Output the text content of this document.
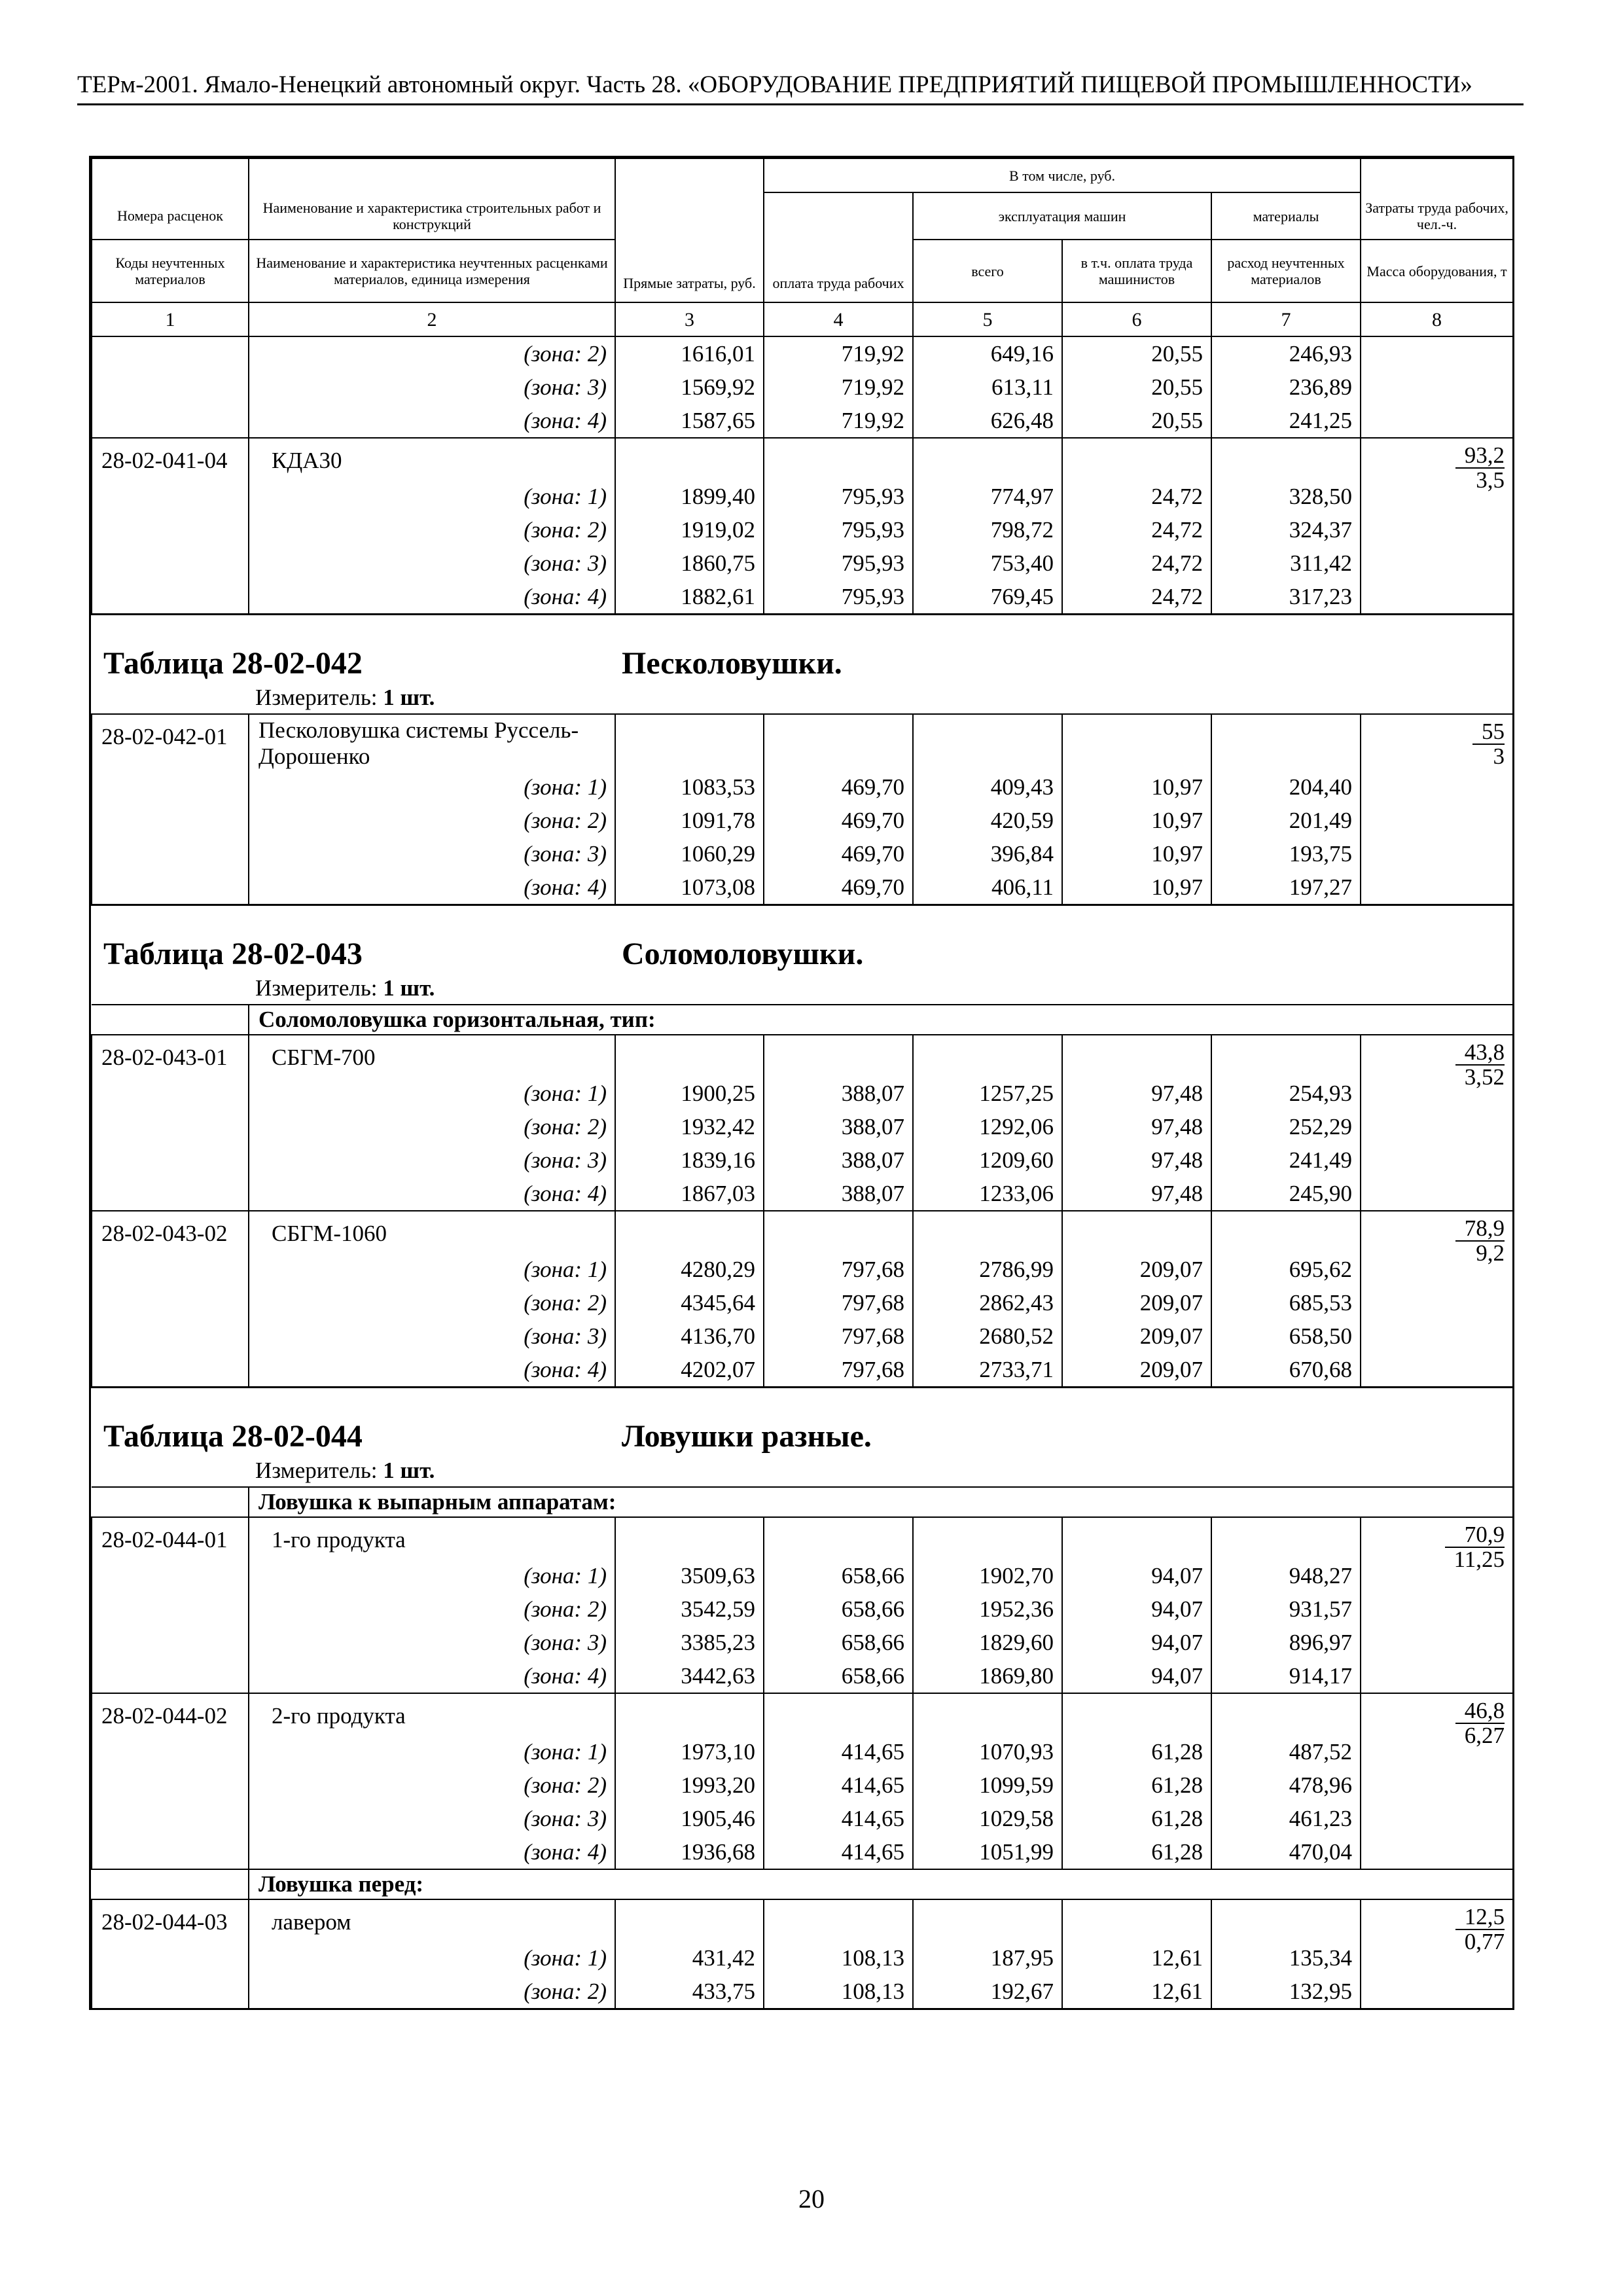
ТЕРм-2001. Ямало-Ненецкий автономный округ. Часть 28. «ОБОРУДОВАНИЕ ПРЕДПРИЯТИЙ ПИЩЕВОЙ ПРОМЫШЛЕННОСТИ»
		Прямые затраты, руб.	В том числе, руб.				
Номера расценок	Наименование и характеристика строительных работ и конструкций		оплата труда рабочих	эксплуатация машин		материалы	Затраты труда рабочих, чел.-ч.
Коды неучтенных материалов	Наименование и характеристика неучтенных расценками материалов, единица измерения			всего	в т.ч. оплата труда машинистов	расход неучтенных материалов	Масса оборудования, т
1	2	3	4	5	6	7	8
	(зона: 2)	1616,01	719,92	649,16	20,55	246,93	
	(зона: 3)	1569,92	719,92	613,11	20,55	236,89	
	(зона: 4)	1587,65	719,92	626,48	20,55	241,25	
28-02-041-04	КДА30						$\frac{93,2}{3,5}$

	(зона: 1)	1899,40	795,93	774,97	24,72	328,50	
	(зона: 2)	1919,02	795,93	798,72	24,72	324,37	
	(зона: 3)	1860,75	795,93	753,40	24,72	311,42	
	(зона: 4)	1882,61	795,93	769,45	24,72	317,23	

Таблица 28-02-042 Песколовушки.
Измеритель: 1 шт.							

28-02-042-01	Песколовушка системы Руссель-Дорошенко						$\frac{55}{3}$

	(зона: 1)	1083,53	469,70	409,43	10,97	204,40	
	(зона: 2)	1091,78	469,70	420,59	10,97	201,49	
	(зона: 3)	1060,29	469,70	396,84	10,97	193,75	
	(зона: 4)	1073,08	469,70	406,11	10,97	197,27	

Таблица 28-02-043 Соломоловушки.
Измеритель: 1 шт.							

	Соломоловушка горизонтальная, тип:						
28-02-043-01	СБГМ-700						$\frac{43,8}{3,52}$

	(зона: 1)	1900,25	388,07	1257,25	97,48	254,93	
	(зона: 2)	1932,42	388,07	1292,06	97,48	252,29	
	(зона: 3)	1839,16	388,07	1209,60	97,48	241,49	
	(зона: 4)	1867,03	388,07	1233,06	97,48	245,90	
28-02-043-02	СБГМ-1060						$\frac{78,9}{9,2}$

	(зона: 1)	4280,29	797,68	2786,99	209,07	695,62	
	(зона: 2)	4345,64	797,68	2862,43	209,07	685,53	
	(зона: 3)	4136,70	797,68	2680,52	209,07	658,50	
	(зона: 4)	4202,07	797,68	2733,71	209,07	670,68	

Таблица 28-02-044 Ловушки разные.
Измеритель: 1 шт.							

	Ловушка к выпарным аппаратам:						
28-02-044-01	1-го продукта						$\frac{70,9}{11,25}$

	(зона: 1)	3509,63	658,66	1902,70	94,07	948,27	
	(зона: 2)	3542,59	658,66	1952,36	94,07	931,57	
	(зона: 3)	3385,23	658,66	1829,60	94,07	896,97	
	(зона: 4)	3442,63	658,66	1869,80	94,07	914,17	
28-02-044-02	2-го продукта						$\frac{46,8}{6,27}$

	(зона: 1)	1973,10	414,65	1070,93	61,28	487,52	
	(зона: 2)	1993,20	414,65	1099,59	61,28	478,96	
	(зона: 3)	1905,46	414,65	1029,58	61,28	461,23	
	(зона: 4)	1936,68	414,65	1051,99	61,28	470,04	
	Ловушка перед:						
28-02-044-03	лавером						$\frac{12,5}{0,77}$

	(зона: 1)	431,42	108,13	187,95	12,61	135,34	
	(зона: 2)	433,75	108,13	192,67	12,61	132,95	
20
